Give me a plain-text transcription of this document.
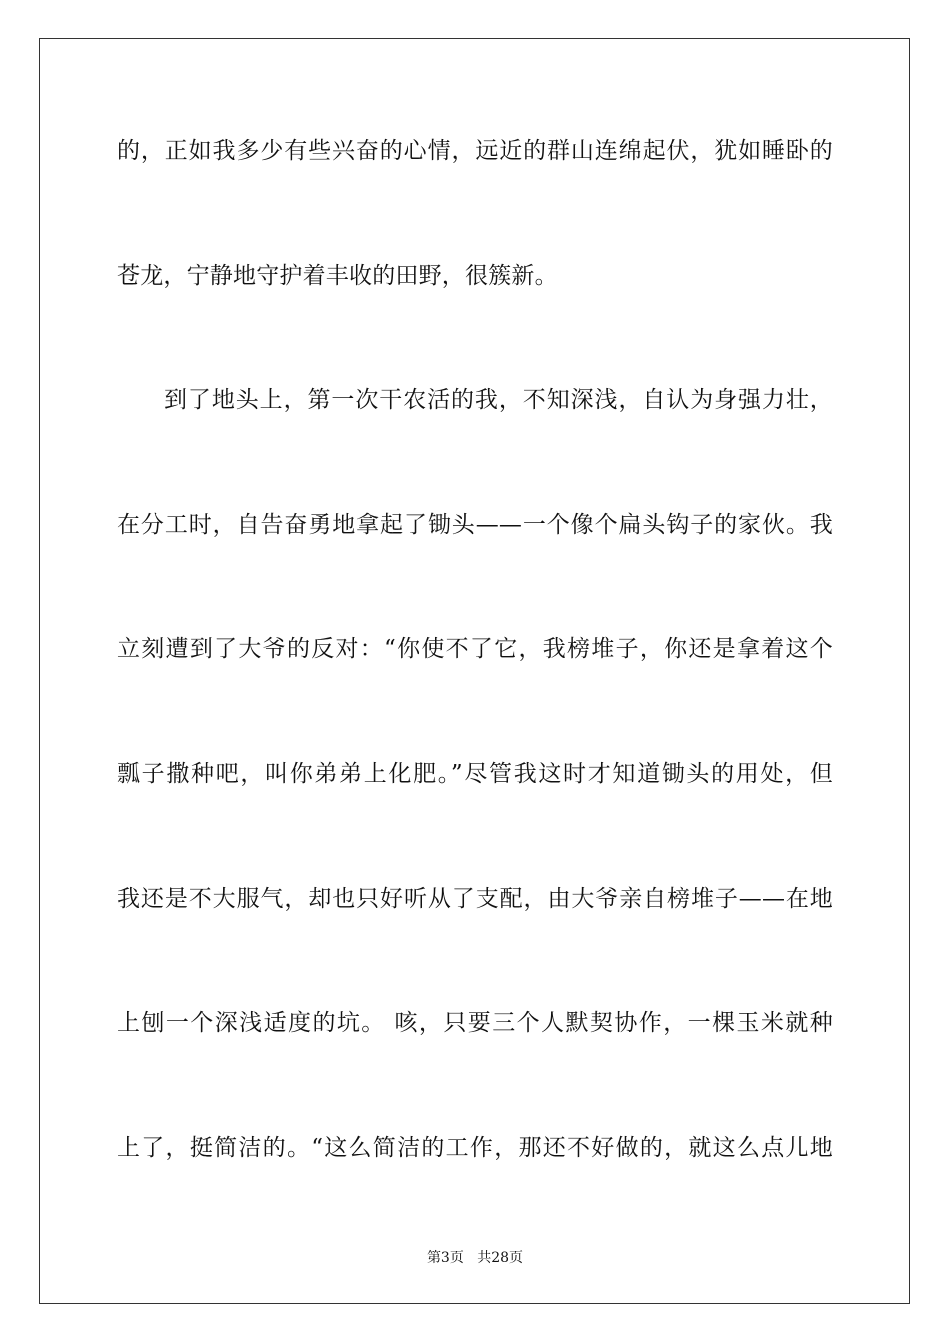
的，正如我多少有些兴奋的心情，远近的群山连绵起伏，犹如睡卧的
苍龙，宁静地守护着丰收的田野，很簇新。
到了地头上，第一次干农活的我，不知深浅，自认为身强力壮，
在分工时，自告奋勇地拿起了锄头——一个像个扁头钩子的家伙。我
立刻遭到了大爷的反对：“你使不了它，我榜堆子，你还是拿着这个
瓢子撒种吧，叫你弟弟上化肥。”尽管我这时才知道锄头的用处，但
我还是不大服气，却也只好听从了支配，由大爷亲自榜堆子——在地
上刨一个深浅适度的坑。 咳，只要三个人默契协作，一棵玉米就种
上了，挺简洁的。“这么简洁的工作，那还不好做的，就这么点儿地
第3页 共28页
